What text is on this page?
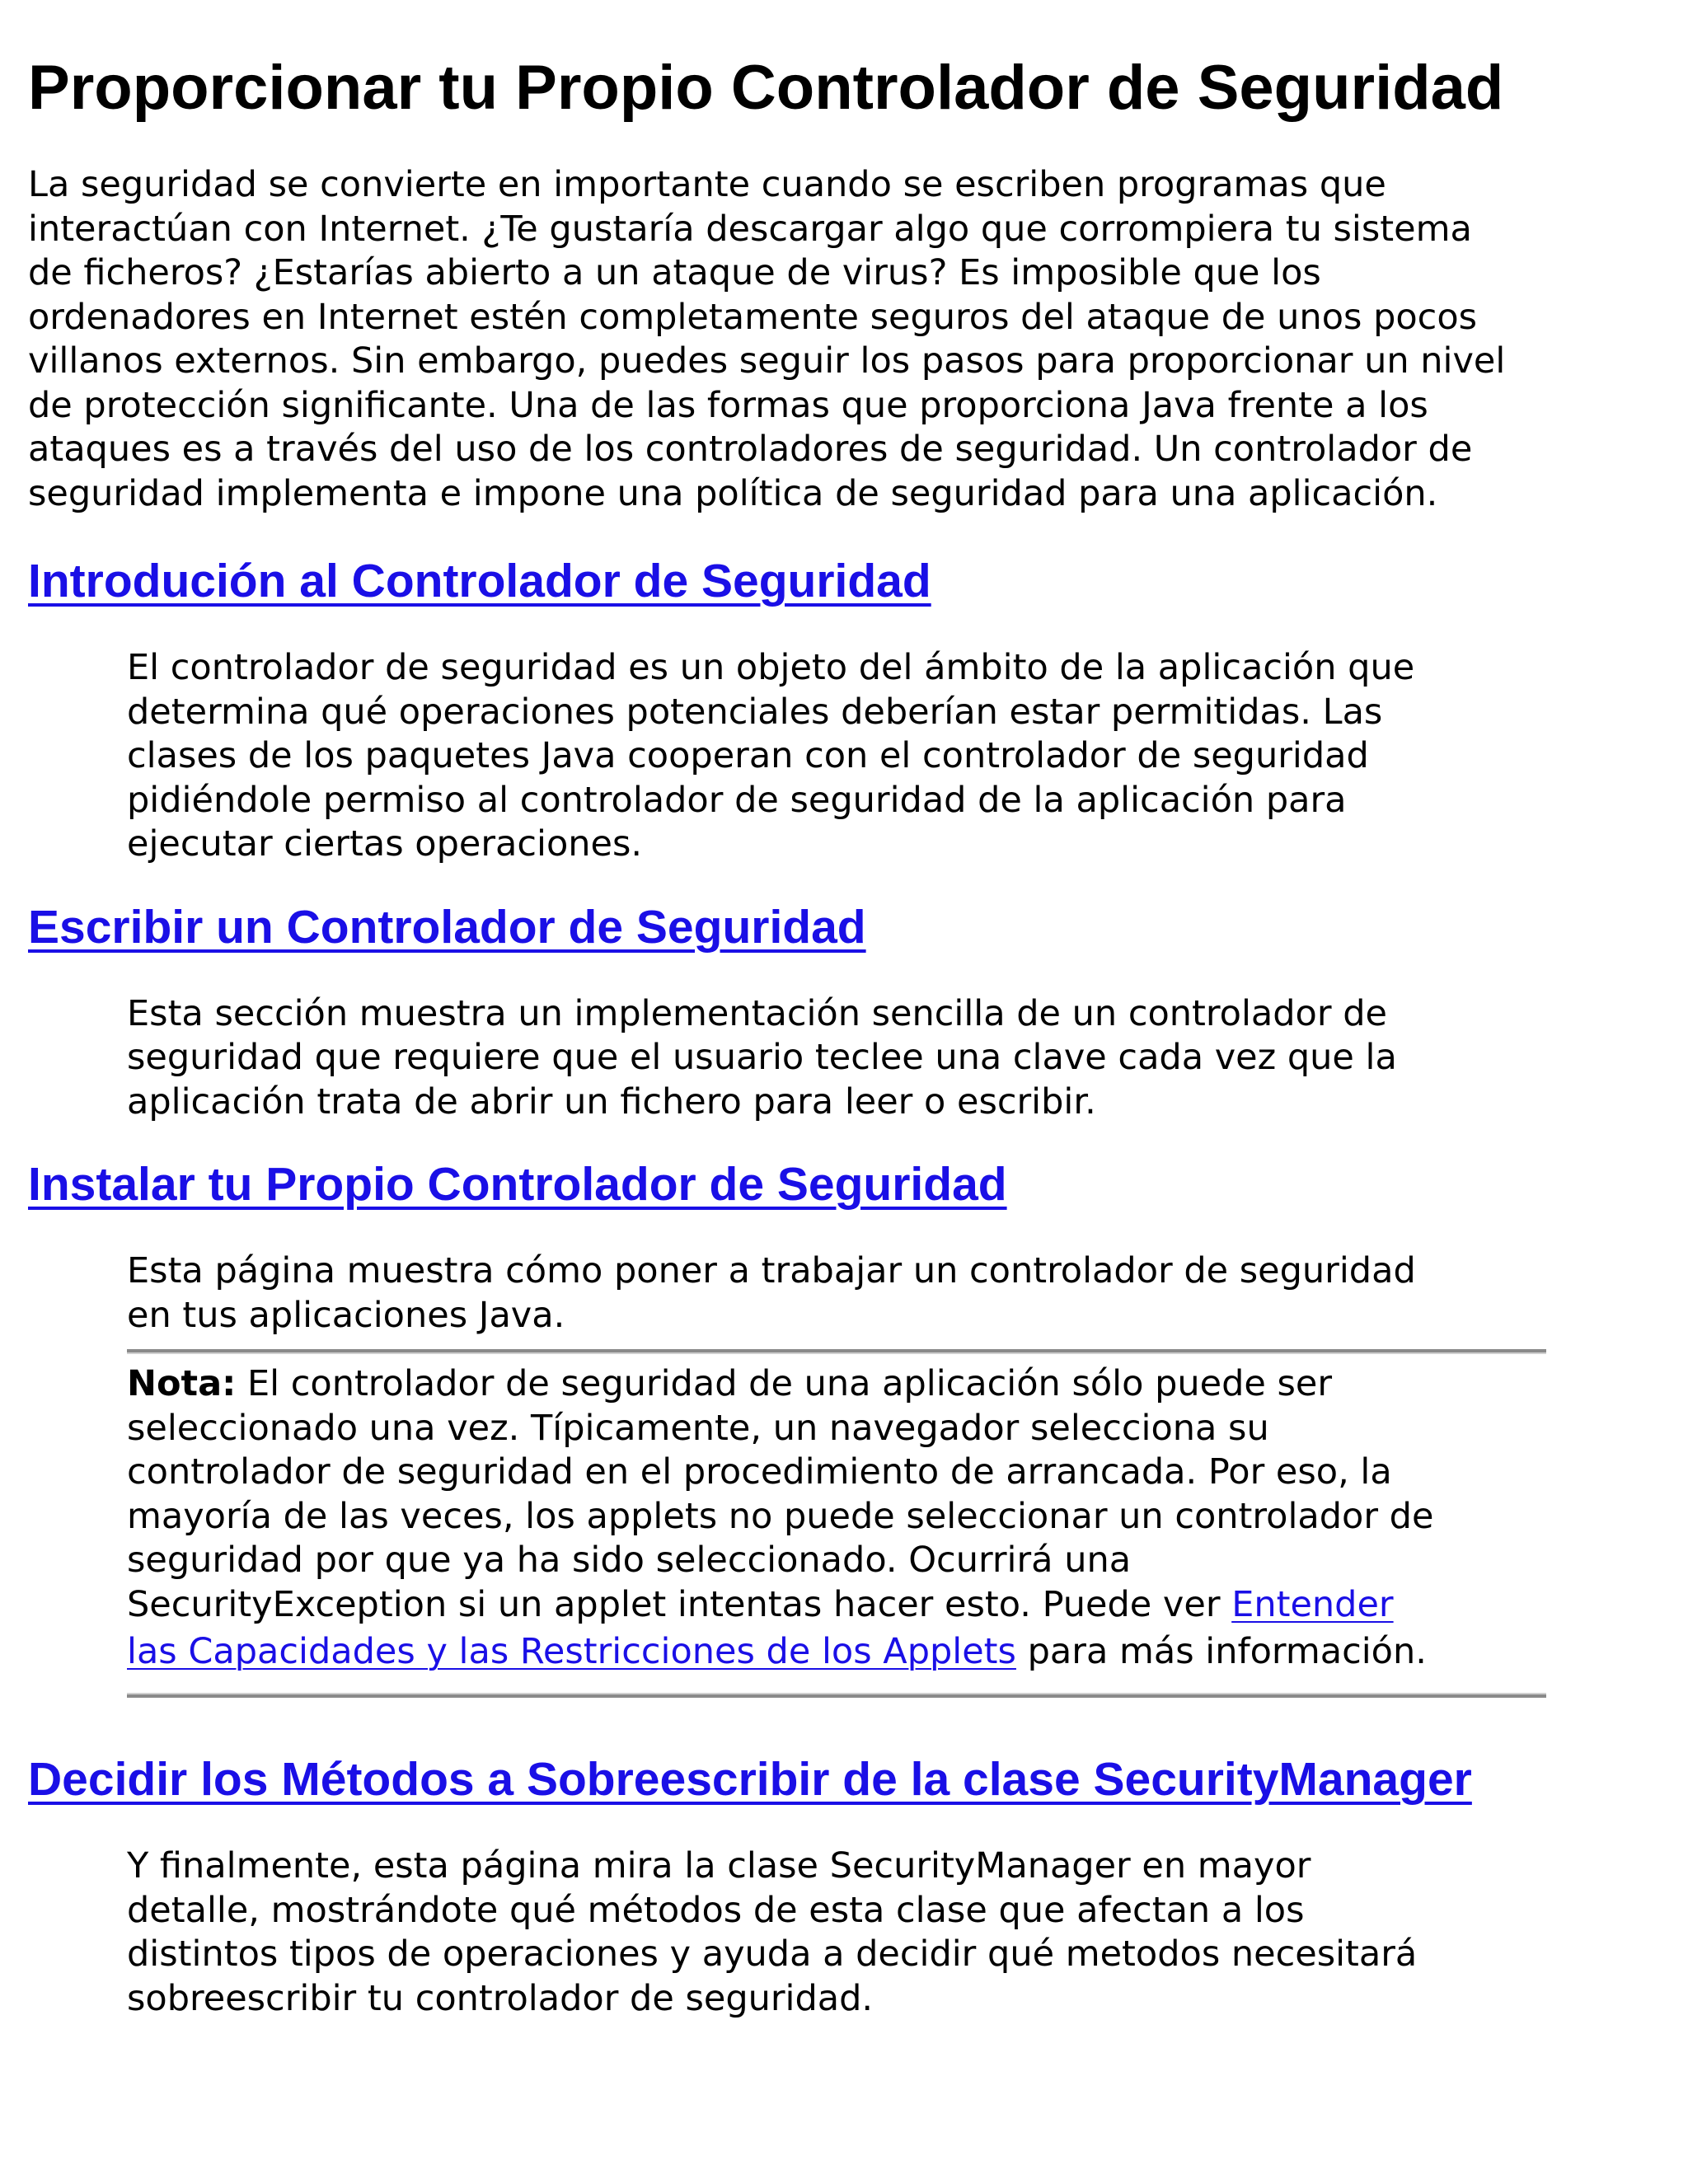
Proporcionar tu Propio Controlador de Seguridad

La seguridad se convierte en importante cuando se escriben programas que
interactúan con Internet. ¿Te gustaría descargar algo que corrompiera tu sistema
de ficheros? ¿Estarías abierto a un ataque de virus? Es imposible que los
ordenadores en Internet estén completamente seguros del ataque de unos pocos
villanos externos. Sin embargo, puedes seguir los pasos para proporcionar un nivel
de protección significante. Una de las formas que proporciona Java frente a los
ataques es a través del uso de los controladores de seguridad. Un controlador de
seguridad implementa e impone una política de seguridad para una aplicación.

Introdución al Controlador de Seguridad
El controlador de seguridad es un objeto del ámbito de la aplicación que
determina qué operaciones potenciales deberían estar permitidas. Las
clases de los paquetes Java cooperan con el controlador de seguridad
pidiéndole permiso al controlador de seguridad de la aplicación para
ejecutar ciertas operaciones.
Escribir un Controlador de Seguridad
Esta sección muestra un implementación sencilla de un controlador de
seguridad que requiere que el usuario teclee una clave cada vez que la
aplicación trata de abrir un fichero para leer o escribir.
Instalar tu Propio Controlador de Seguridad
Esta página muestra cómo poner a trabajar un controlador de seguridad
en tus aplicaciones Java.
Nota: El controlador de seguridad de una aplicación sólo puede ser
seleccionado una vez. Típicamente, un navegador selecciona su
controlador de seguridad en el procedimiento de arrancada. Por eso, la
mayoría de las veces, los applets no puede seleccionar un controlador de
seguridad por que ya ha sido seleccionado. Ocurrirá una
SecurityException si un applet intentas hacer esto. Puede ver Entender
las Capacidades y las Restricciones de los Applets para más información.
Decidir los Métodos a Sobreescribir de la clase SecurityManager
Y finalmente, esta página mira la clase SecurityManager en mayor
detalle, mostrándote qué métodos de esta clase que afectan a los
distintos tipos de operaciones y ayuda a decidir qué metodos necesitará
sobreescribir tu controlador de seguridad.
